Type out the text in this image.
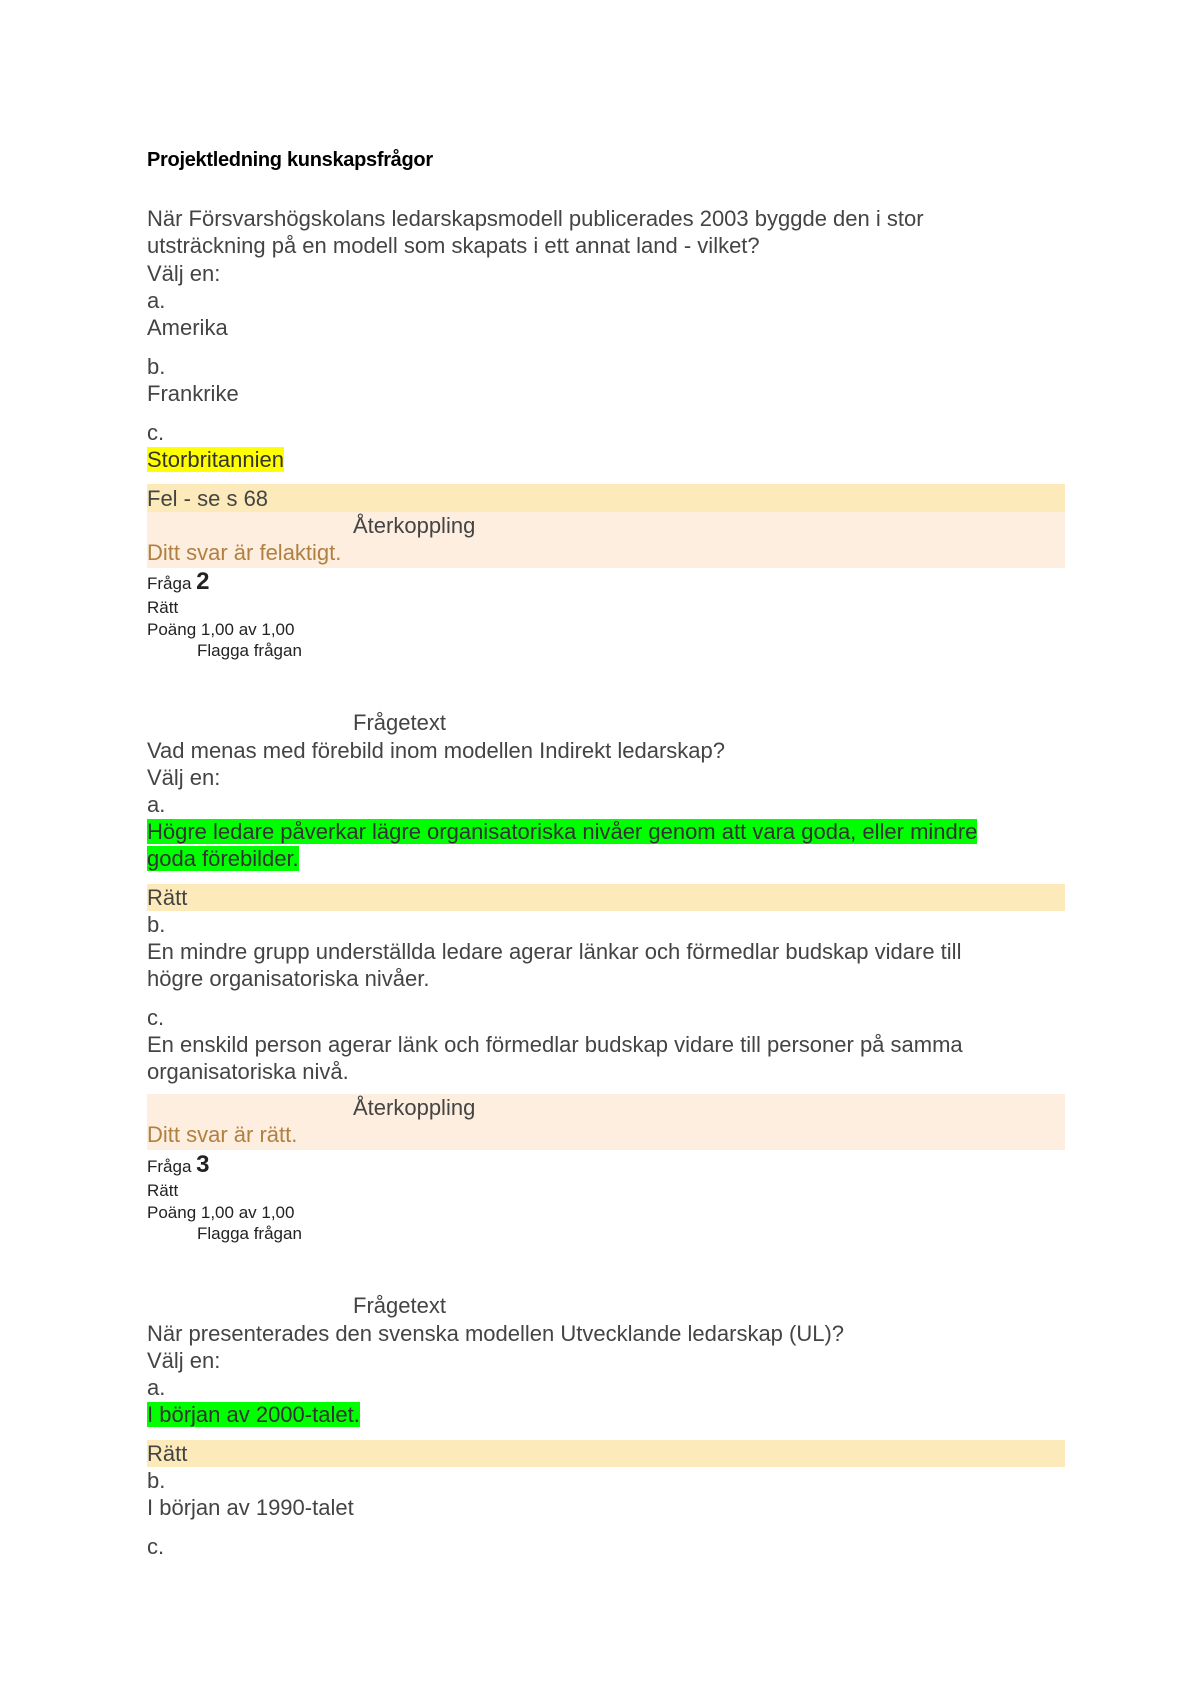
Projektledning kunskapsfrågor
När Försvarshögskolans ledarskapsmodell publicerades 2003 byggde den i stor utsträckning på en modell som skapats i ett annat land - vilket?
Välj en:
a.
Amerika
b.
Frankrike
c.
Storbritannien
Fel - se s 68
Återkoppling
Ditt svar är felaktigt.
Fråga 2
Rätt
Poäng 1,00 av 1,00
Flagga frågan
Frågetext
Vad menas med förebild inom modellen Indirekt ledarskap?
Välj en:
a.
Högre ledare påverkar lägre organisatoriska nivåer genom att vara goda, eller mindre
goda förebilder.
Rätt
b.
En mindre grupp underställda ledare agerar länkar och förmedlar budskap vidare till
högre organisatoriska nivåer.
c.
En enskild person agerar länk och förmedlar budskap vidare till personer på samma
organisatoriska nivå.
Återkoppling
Ditt svar är rätt.
Fråga 3
Rätt
Poäng 1,00 av 1,00
Flagga frågan
Frågetext
När presenterades den svenska modellen Utvecklande ledarskap (UL)?
Välj en:
a.
I början av 2000-talet.
Rätt
b.
I början av 1990-talet
c.
